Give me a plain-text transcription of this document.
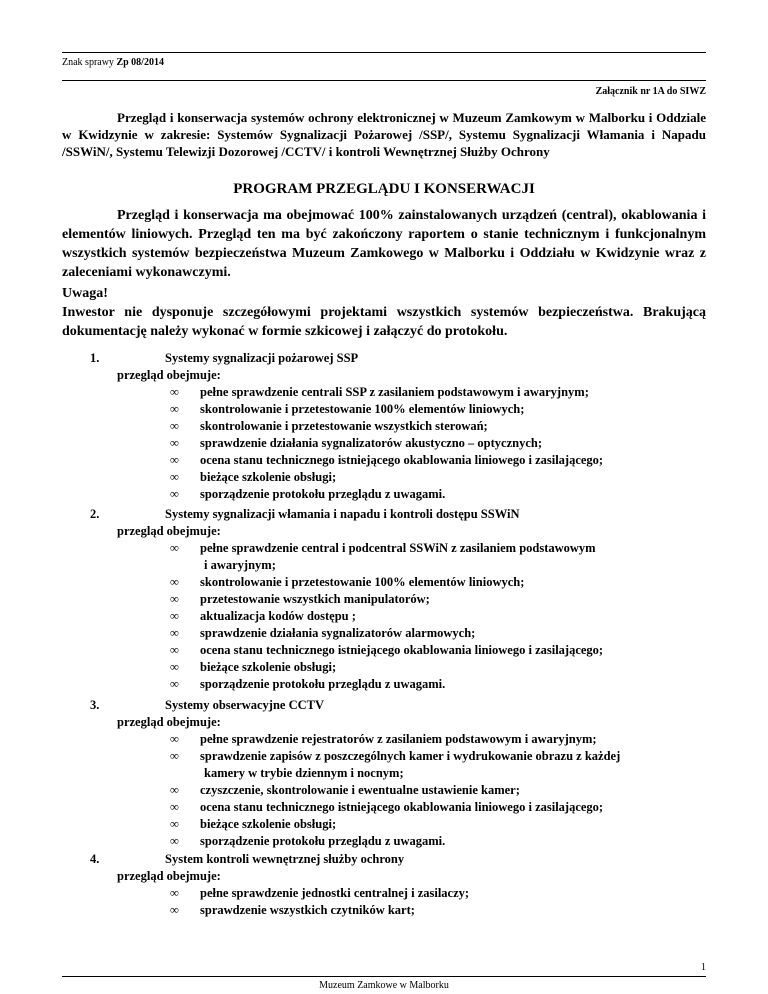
Znak sprawy Zp 08/2014
Załącznik nr 1A do SIWZ
Przegląd i konserwacja systemów ochrony elektronicznej w Muzeum Zamkowym w Malborku i Oddziale w Kwidzynie w zakresie: Systemów Sygnalizacji Pożarowej /SSP/, Systemu Sygnalizacji Włamania i Napadu /SSWiN/, Systemu Telewizji Dozorowej /CCTV/ i kontroli Wewnętrznej Służby Ochrony
PROGRAM PRZEGLĄDU I KONSERWACJI
Przegląd i konserwacja ma obejmować 100% zainstalowanych urządzeń (central), okablowania i elementów liniowych. Przegląd ten ma być zakończony raportem o stanie technicznym i funkcjonalnym wszystkich systemów bezpieczeństwa Muzeum Zamkowego w Malborku i Oddziału w Kwidzynie wraz z zaleceniami wykonawczymi.
Uwaga!
Inwestor nie dysponuje szczegółowymi projektami wszystkich systemów bezpieczeństwa. Brakującą dokumentację należy wykonać w formie szkicowej i załączyć do protokołu.
1.	Systemy sygnalizacji pożarowej SSP
przegląd obejmuje:
∞ pełne sprawdzenie centrali SSP z zasilaniem podstawowym i awaryjnym;
∞ skontrolowanie i przetestowanie 100% elementów liniowych;
∞ skontrolowanie i przetestowanie wszystkich sterowań;
∞ sprawdzenie działania sygnalizatorów akustyczno – optycznych;
∞ ocena stanu technicznego istniejącego okablowania liniowego i zasilającego;
∞ bieżące szkolenie obsługi;
∞ sporządzenie protokołu przeglądu z uwagami.
2.	Systemy sygnalizacji włamania i napadu i kontroli dostępu SSWiN
przegląd obejmuje:
∞ pełne sprawdzenie central i podcentral SSWiN z zasilaniem podstawowym
i awaryjnym;
∞ skontrolowanie i przetestowanie 100% elementów liniowych;
∞ przetestowanie wszystkich manipulatorów;
∞ aktualizacja kodów dostępu ;
∞ sprawdzenie działania sygnalizatorów alarmowych;
∞ ocena stanu technicznego istniejącego okablowania liniowego i zasilającego;
∞ bieżące szkolenie obsługi;
∞ sporządzenie protokołu przeglądu z uwagami.
3.	Systemy obserwacyjne CCTV
przegląd obejmuje:
∞ pełne sprawdzenie rejestratorów z zasilaniem podstawowym i awaryjnym;
∞ sprawdzenie zapisów z poszczególnych kamer i wydrukowanie obrazu z każdej
kamery w trybie dziennym i nocnym;
∞ czyszczenie, skontrolowanie i ewentualne ustawienie kamer;
∞ ocena stanu technicznego istniejącego okablowania liniowego i zasilającego;
∞ bieżące szkolenie obsługi;
∞ sporządzenie protokołu przeglądu z uwagami.
4.	System kontroli wewnętrznej służby ochrony
przegląd obejmuje:
∞ pełne sprawdzenie jednostki centralnej i zasilaczy;
∞ sprawdzenie wszystkich czytników kart;
1
Muzeum Zamkowe w Malborku
